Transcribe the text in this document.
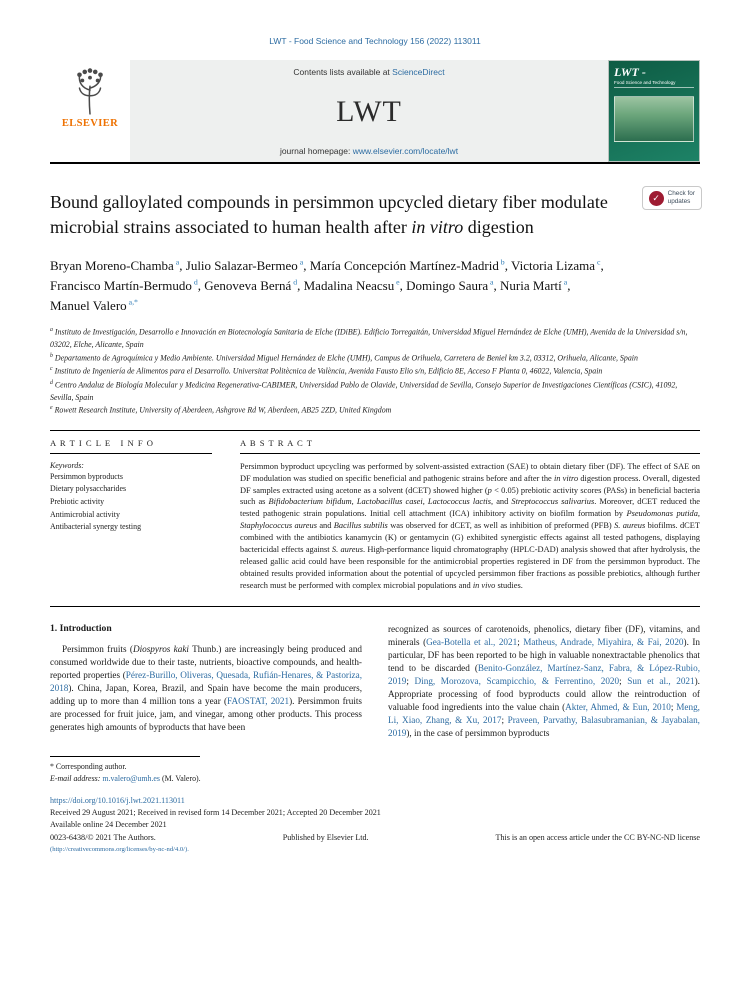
LWT - Food Science and Technology 156 (2022) 113011
ELSEVIER
Contents lists available at ScienceDirect
LWT
journal homepage: www.elsevier.com/locate/lwt
LWT -
Food Science and Technology
✓	Check for
updates
Bound galloylated compounds in persimmon upcycled dietary fiber modulate microbial strains associated to human health after in vitro digestion
Bryan Moreno-Chamba $^a$, Julio Salazar-Bermeo $^a$, María Concepción Martínez-Madrid $^b$, Victoria Lizama $^c$, Francisco Martín-Bermudo $^d$, Genoveva Berná $^d$, Madalina Neacsu $^e$, Domingo Saura $^a$, Nuria Martí $^a$, Manuel Valero $^{a,*}$
$^a$ Instituto de Investigación, Desarrollo e Innovación en Biotecnología Sanitaria de Elche (IDiBE). Edificio Torregaitán, Universidad Miguel Hernández de Elche (UMH), Avenida de la Universidad s/n, 03202, Elche, Alicante, Spain
$^b$ Departamento de Agroquímica y Medio Ambiente. Universidad Miguel Hernández de Elche (UMH), Campus de Orihuela, Carretera de Beniel km 3.2, 03312, Orihuela, Alicante, Spain
$^c$ Instituto de Ingeniería de Alimentos para el Desarrollo. Universitat Politècnica de València, Avenida Fausto Elio s/n, Edificio 8E, Acceso F Planta 0, 46022, Valencia, Spain
$^d$ Centro Andaluz de Biología Molecular y Medicina Regenerativa-CABIMER, Universidad Pablo de Olavide, Universidad de Sevilla, Consejo Superior de Investigaciones Científicas (CSIC), 41092, Sevilla, Spain
$^e$ Rowett Research Institute, University of Aberdeen, Ashgrove Rd W, Aberdeen, AB25 2ZD, United Kingdom
A R T I C L E   I N F O
Keywords:
Persimmon byproducts
Dietary polysaccharides
Prebiotic activity
Antimicrobial activity
Antibacterial synergy testing
A B S T R A C T
Persimmon byproduct upcycling was performed by solvent-assisted extraction (SAE) to obtain dietary fiber (DF). The effect of SAE on DF modulation was studied on specific beneficial and pathogenic strains before and after the in vitro digestion process. Overall, digested DF samples extracted using acetone as a solvent (dCET) showed higher (p < 0.05) prebiotic activity scores (PASs) in beneficial bacteria such as Bifidobacterium bifidum, Lactobacillus casei, Lactococcus lactis, and Streptococcus salivarius. Moreover, dCET reduced the tested pathogenic strain populations. Initial cell attachment (ICA) inhibitory activity on biofilm formation by Pseudomonas putida, Staphylococcus aureus and Bacillus subtilis was observed for dCET, as well as inhibition of preformed (PFB) S. aureus biofilms. dCET combined with the antibiotics kanamycin (K) or gentamycin (G) exhibited synergistic effects against all tested pathogens, displaying bactericidal effects against S. aureus. High-performance liquid chromatography (HPLC-DAD) analysis showed that after hydrolysis, the released gallic acid could have been responsible for the antimicrobial properties registered in DF from the persimmon byproduct. The obtained results provided information about the potential of upcycled persimmon fiber fractions as possible prebiotics, although further research must be performed with complex microbial populations and in vivo studies.
1. Introduction

Persimmon fruits (Diospyros kaki Thunb.) are increasingly being produced and consumed worldwide due to their taste, nutrients, bioactive compounds, and health-reported properties (Pérez-Burillo, Oliveras, Quesada, Rufián-Henares, & Pastoriza, 2018). China, Japan, Korea, Brazil, and Spain have become the main producers, adding up to more than 4 million tons a year (FAOSTAT, 2021). Persimmon fruits are processed for fruit juice, jam, and vinegar, among other products. This process generates high amounts of byproducts that have been

recognized as sources of carotenoids, phenolics, dietary fiber (DF), vitamins, and minerals (Gea-Botella et al., 2021; Matheus, Andrade, Miyahira, & Fai, 2020). In particular, DF has been reported to be high in valuable nonextractable phenolics that tend to be discarded (Benito-González, Martínez-Sanz, Fabra, & López-Rubio, 2019; Ding, Morozova, Scampicchio, & Ferrentino, 2020; Sun et al., 2021). Appropriate processing of food byproducts could allow the reintroduction of valuable food ingredients into the value chain (Akter, Ahmed, & Eun, 2010; Meng, Li, Xiao, Zhang, & Xu, 2017; Praveen, Parvathy, Balasubramanian, & Jayabalan, 2019), in the case of persimmon byproducts

* Corresponding author.
E-mail address: m.valero@umh.es (M. Valero).
https://doi.org/10.1016/j.lwt.2021.113011
Received 29 August 2021; Received in revised form 14 December 2021; Accepted 20 December 2021
Available online 24 December 2021
0023-6438/© 2021 The Authors.	Published by Elsevier Ltd.	This is an open access article under the CC BY-NC-ND license
(http://creativecommons.org/licenses/by-nc-nd/4.0/).
